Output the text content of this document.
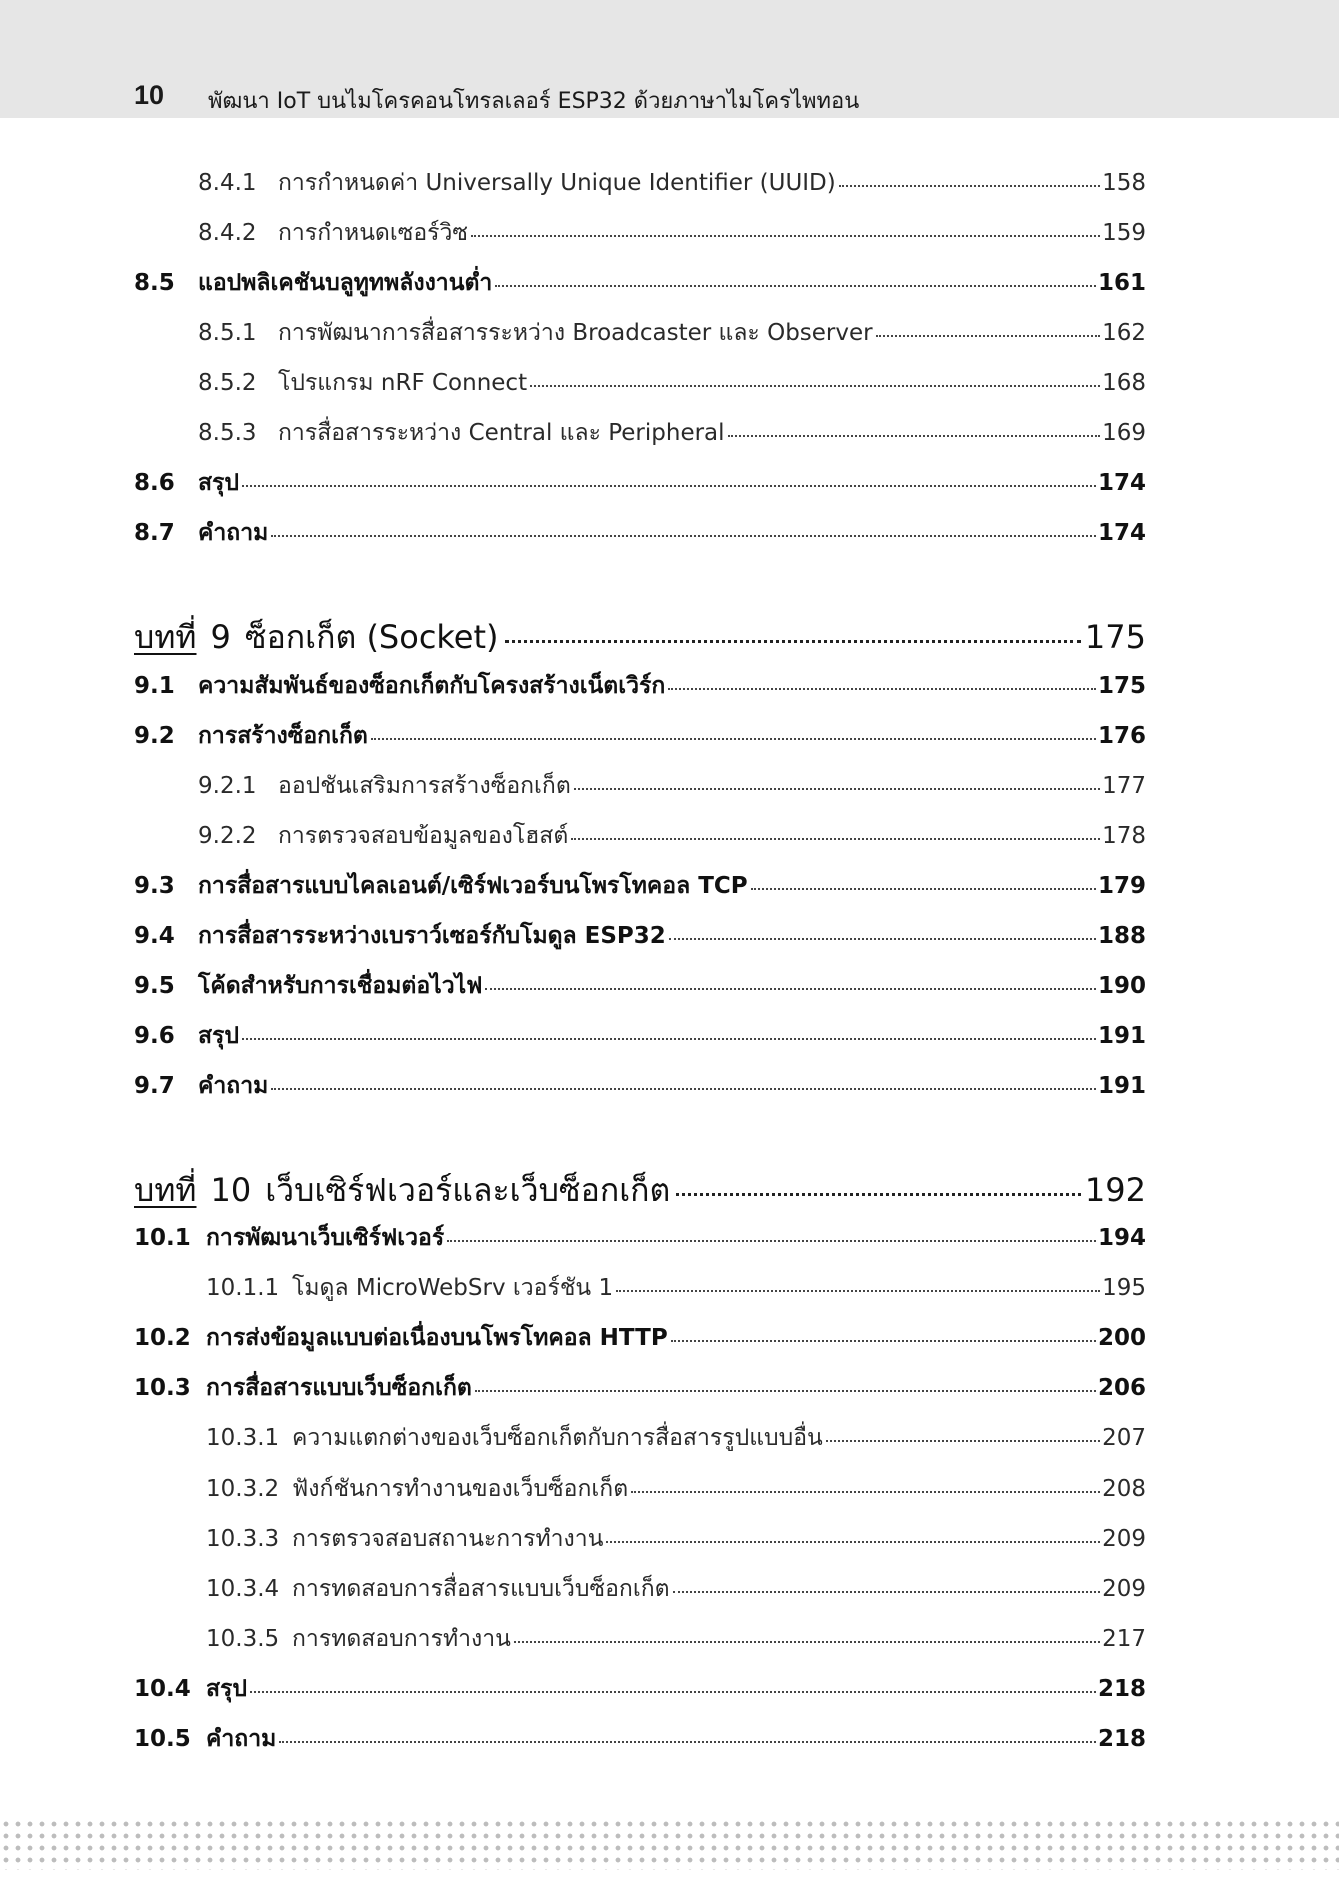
10 พัฒนา IoT บนไมโครคอนโทรลเลอร์ ESP32 ด้วยภาษาไมโครไพทอน
8.4.1 การกำหนดค่า Universally Unique Identifier (UUID)	158
8.4.2 การกำหนดเซอร์วิซ	159
8.5	แอปพลิเคชันบลูทูทพลังงานต่ำ	161
8.5.1 การพัฒนาการสื่อสารระหว่าง Broadcaster และ Observer	162
8.5.2 โปรแกรม nRF Connect	168
8.5.3 การสื่อสารระหว่าง Central และ Peripheral	169
8.6	สรุป	174
8.7	คำถาม	174
บทที่ 9 ซ็อกเก็ต (Socket)	175
9.1	ความสัมพันธ์ของซ็อกเก็ตกับโครงสร้างเน็ตเวิร์ก	175
9.2	การสร้างซ็อกเก็ต	176
9.2.1 ออปชันเสริมการสร้างซ็อกเก็ต	177
9.2.2 การตรวจสอบข้อมูลของโฮสต์	178
9.3	การสื่อสารแบบไคลเอนต์/เซิร์ฟเวอร์บนโพรโทคอล TCP	179
9.4	การสื่อสารระหว่างเบราว์เซอร์กับโมดูล ESP32	188
9.5	โค้ดสำหรับการเชื่อมต่อไวไฟ	190
9.6	สรุป	191
9.7	คำถาม	191
บทที่ 10 เว็บเซิร์ฟเวอร์และเว็บซ็อกเก็ต	192
10.1 การพัฒนาเว็บเซิร์ฟเวอร์	194
10.1.1 โมดูล MicroWebSrv เวอร์ชัน 1	195
10.2 การส่งข้อมูลแบบต่อเนื่องบนโพรโทคอล HTTP	200
10.3 การสื่อสารแบบเว็บซ็อกเก็ต	206
10.3.1 ความแตกต่างของเว็บซ็อกเก็ตกับการสื่อสารรูปแบบอื่น	207
10.3.2 ฟังก์ชันการทำงานของเว็บซ็อกเก็ต	208
10.3.3 การตรวจสอบสถานะการทำงาน	209
10.3.4 การทดสอบการสื่อสารแบบเว็บซ็อกเก็ต	209
10.3.5 การทดสอบการทำงาน	217
10.4 สรุป	218
10.5 คำถาม	218
